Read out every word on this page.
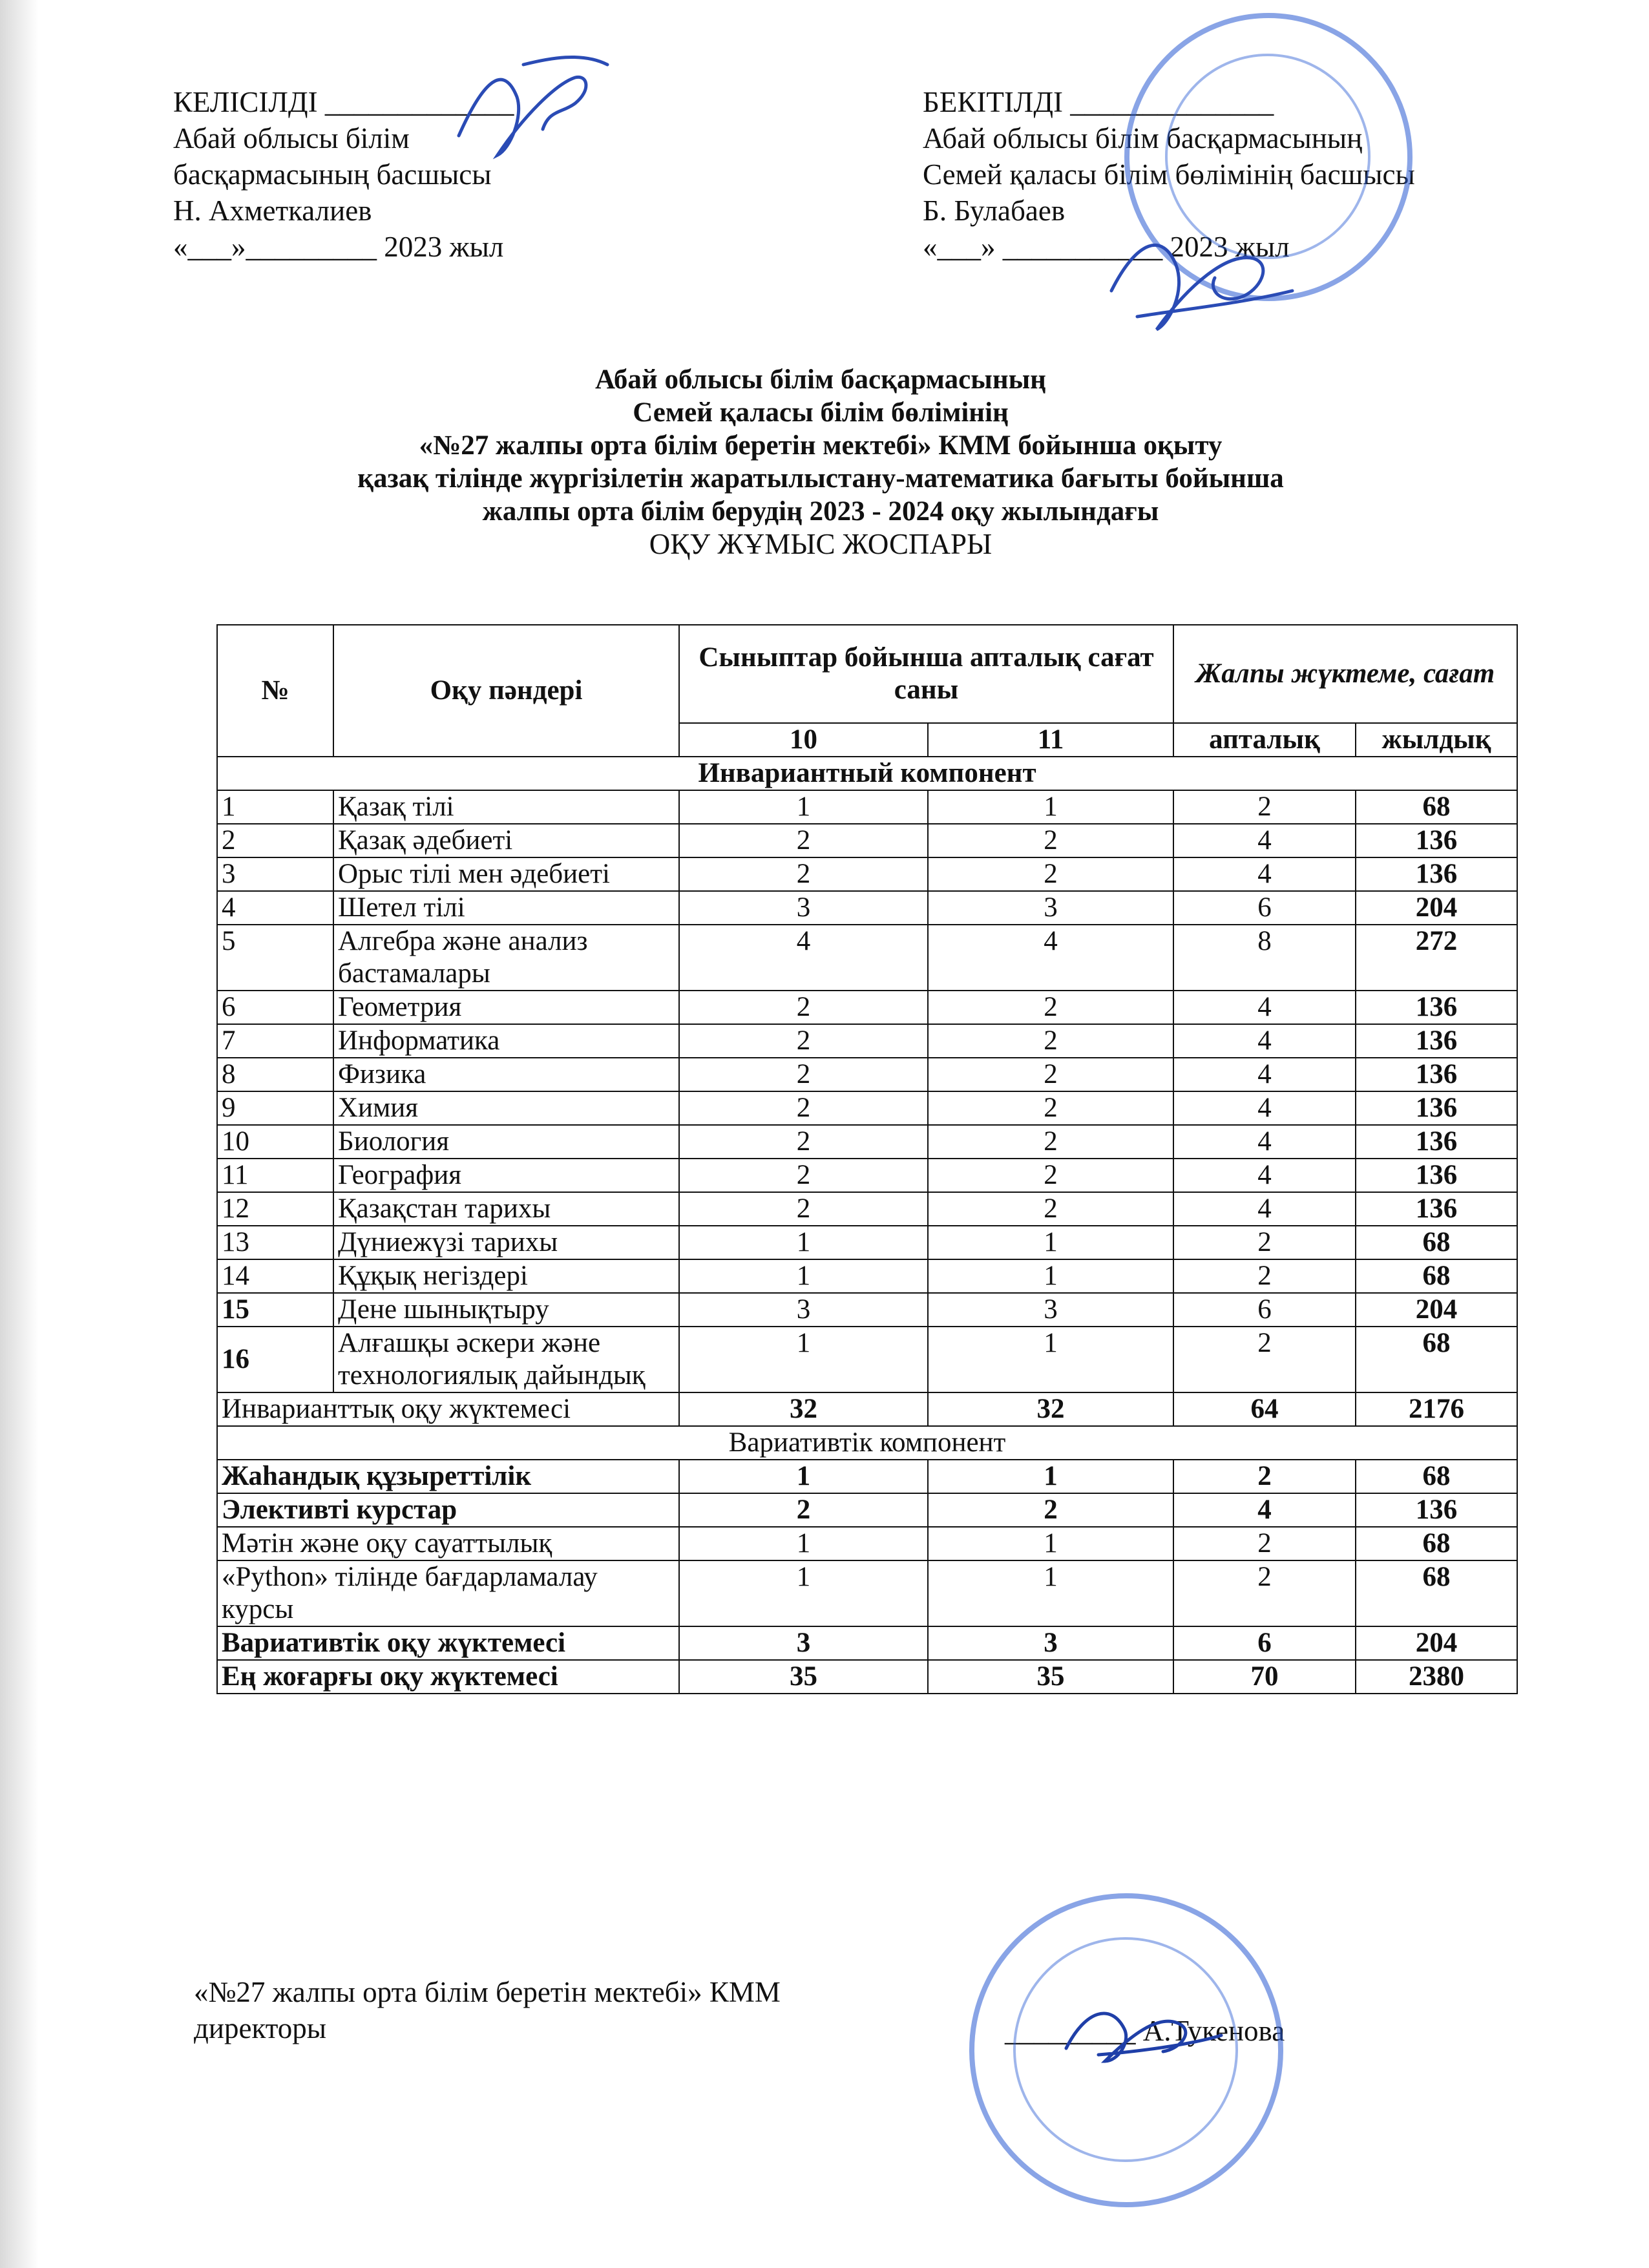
КЕЛІСІЛДІ _____________
Абай облысы білім
басқармасының басшысы
Н. Ахметкалиев
«___»_________ 2023 жыл
БЕКІТІЛДІ ______________
Абай облысы білім басқармасының
Семей қаласы білім бөлімінің басшысы
Б. Булабаев
«___» ___________ 2023 жыл
Абай облысы білім басқармасының
Семей қаласы білім бөлімінің
«№27 жалпы орта білім беретін мектебі» КММ бойынша оқыту
қазақ тілінде жүргізілетін жаратылыстану-математика бағыты бойынша
жалпы орта білім берудің 2023 - 2024 оқу жылындағы
ОҚУ ЖҰМЫС ЖОСПАРЫ
№	Оқу пәндері	Сыныптар бойынша апталық сағат саны		Жалпы жүктеме, сағат	
		10	11	апталық	жылдық
Инвариантный компонент					
1	Қазақ тілі	1	1	2	68
2	Қазақ әдебиеті	2	2	4	136
3	Орыс тілі мен әдебиеті	2	2	4	136
4	Шетел тілі	3	3	6	204
5	Алгебра және анализ бастамалары	4	4	8	272
6	Геометрия	2	2	4	136
7	Информатика	2	2	4	136
8	Физика	2	2	4	136
9	Химия	2	2	4	136
10	Биология	2	2	4	136
11	География	2	2	4	136
12	Қазақстан тарихы	2	2	4	136
13	Дүниежүзі тарихы	1	1	2	68
14	Құқық негіздері	1	1	2	68
15	Дене шынықтыру	3	3	6	204
16	Алғашқы әскери және технологиялық дайындық	1	1	2	68
Инварианттық оқу жүктемесі		32	32	64	2176
Вариативтік компонент					
Жаһандық құзыреттілік		1	1	2	68
Элективті курстар		2	2	4	136
Мәтін және оқу сауаттылық		1	1	2	68
«Python» тілінде бағдарламалау курсы		1	1	2	68
Вариативтік оқу жүктемесі		3	3	6	204
Ең жоғарғы оқу жүктемесі		35	35	70	2380
«№27 жалпы орта білім беретін мектебі» КММ
директоры	_________ А.Тукенова
